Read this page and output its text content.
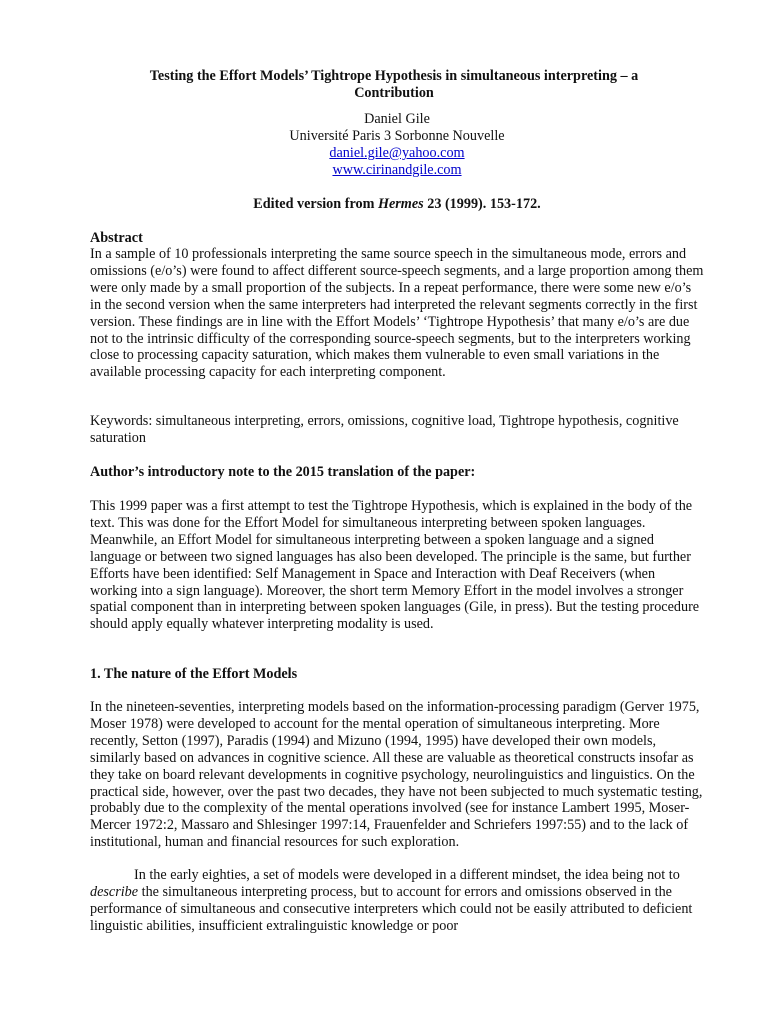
Testing the Effort Models’ Tightrope Hypothesis in simultaneous interpreting – a Contribution

Daniel Gile

Université Paris 3 Sorbonne Nouvelle

daniel.gile@yahoo.com

www.cirinandgile.com

Edited version from Hermes 23 (1999). 153-172.

Abstract

In a sample of 10 professionals interpreting the same source speech in the simultaneous mode, errors and omissions (e/o’s) were found to affect different source-speech segments, and a large proportion among them were only made by a small proportion of the subjects. In a repeat performance, there were some new e/o’s in the second version when the same interpreters had interpreted the relevant segments correctly in the first version. These findings are in line with the Effort Models’ ‘Tightrope Hypothesis’ that many e/o’s are due not to the intrinsic difficulty of the corresponding source-speech segments, but to the interpreters working close to processing capacity saturation, which makes them vulnerable to even small variations in the available processing capacity for each interpreting component.

Keywords: simultaneous interpreting, errors, omissions, cognitive load, Tightrope hypothesis, cognitive saturation

Author’s introductory note to the 2015 translation of the paper:

This 1999 paper was a first attempt to test the Tightrope Hypothesis, which is explained in the body of the text. This was done for the Effort Model for simultaneous interpreting between spoken languages. Meanwhile, an Effort Model for simultaneous interpreting between a spoken language and a signed language or between two signed languages has also been developed. The principle is the same, but further Efforts have been identified: Self Management in Space and Interaction with Deaf Receivers (when working into a sign language). Moreover, the short term Memory Effort in the model involves a stronger spatial component than in interpreting between spoken languages (Gile, in press). But the testing procedure should apply equally whatever interpreting modality is used.

1. The nature of the Effort Models

In the nineteen-seventies, interpreting models based on the information-processing paradigm (Gerver 1975, Moser 1978) were developed to account for the mental operation of simultaneous interpreting. More recently, Setton (1997), Paradis (1994) and Mizuno (1994, 1995) have developed their own models, similarly based on advances in cognitive science. All these are valuable as theoretical constructs insofar as they take on board relevant developments in cognitive psychology, neurolinguistics and linguistics. On the practical side, however, over the past two decades, they have not been subjected to much systematic testing, probably due to the complexity of the mental operations involved (see for instance Lambert 1995, Moser-Mercer 1972:2, Massaro and Shlesinger 1997:14, Frauenfelder and Schriefers 1997:55) and to the lack of institutional, human and financial resources for such exploration.

In the early eighties, a set of models were developed in a different mindset, the idea being not to describe the simultaneous interpreting process, but to account for errors and omissions observed in the performance of simultaneous and consecutive interpreters which could not be easily attributed to deficient linguistic abilities, insufficient extralinguistic knowledge or poor
